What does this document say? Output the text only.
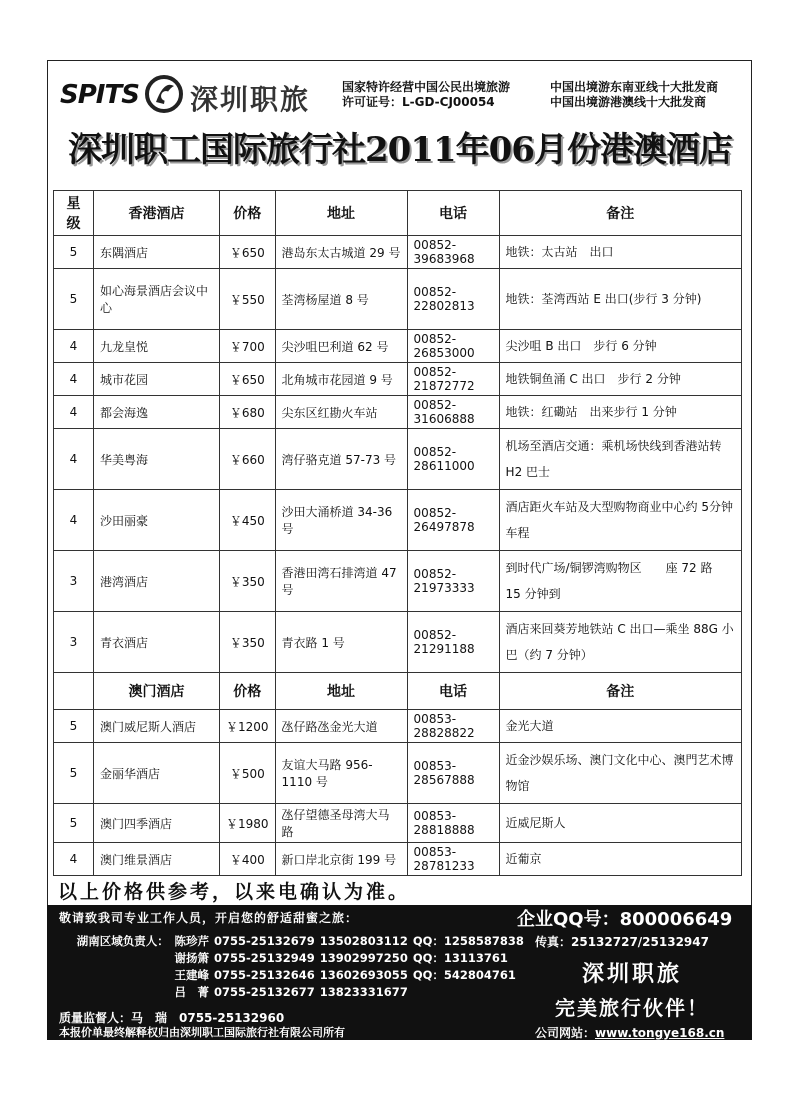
SPITS 深圳职旅	国家特许经营中国公民出境旅游
许可证号：L-GD-CJ00054
中国出境游东南亚线十大批发商
中国出境游港澳线十大批发商
深圳职工国际旅行社2011年06月份港澳酒店
星级	香港酒店	价格	地址	电话	备注
5	东隅酒店	￥650	港岛东太古城道 29 号	00852-39683968	地铁：太古站　出口
5	如心海景酒店会议中心	￥550	荃湾杨屋道 8 号	00852-22802813	地铁：荃湾西站 E 出口(步行 3 分钟)
4	九龙皇悦	￥700	尖沙咀巴利道 62 号	00852-26853000	尖沙咀 B 出口　步行 6 分钟
4	城市花园	￥650	北角城市花园道 9 号	00852-21872772	地铁铜鱼涌 C 出口　步行 2 分钟
4	都会海逸	￥680	尖东区红勘火车站	00852-31606888	地铁：红磡站　出来步行 1 分钟
4	华美粤海	￥660	湾仔骆克道 57-73 号	00852-28611000	机场至酒店交通：乘机场快线到香港站转 H2 巴士
4	沙田丽豪	￥450	沙田大涌桥道 34-36 号	00852-26497878	酒店距火车站及大型购物商业中心约 5分钟车程
3	港湾酒店	￥350	香港田湾石排湾道 47 号	00852-21973333	到时代广场/铜锣湾购物区　　座 72 路　　15 分钟到
3	青衣酒店	￥350	青衣路 1 号	00852-21291188	酒店来回葵芳地铁站 C 出口—乘坐 88G 小巴（约 7 分钟）
	澳门酒店	价格	地址	电话	备注
5	澳门威尼斯人酒店	￥1200	氹仔路氹金光大道	00853-28828822	金光大道
5	金丽华酒店	￥500	友谊大马路 956-1110 号	00853-28567888	近金沙娱乐场、澳门文化中心、澳門艺术博物馆
5	澳门四季酒店	￥1980	氹仔望德圣母湾大马路	00853-28818888	近威尼斯人
4	澳门维景酒店	￥400	新口岸北京街 199 号	00853-28781233	近葡京
以上价格供参考，以来电确认为准。
敬请致我司专业工作人员，开启您的舒适甜蜜之旅：	企业QQ号：800006649
湖南区域负责人：　陈珍芹 0755-25132679 13502803112 QQ：1258587838
谢扬箫 0755-25132949 13902997250 QQ：13113761
王建峰 0755-25132646 13602693055 QQ：542804761
吕　菁 0755-25132677 13823331677
传真：25132727/25132947
深圳职旅
完美旅行伙伴！
质量监督人：马　瑞　0755-25132960
本报价单最终解释权归由深圳职工国际旅行社有限公司所有	公司网站：www.tongye168.cn
